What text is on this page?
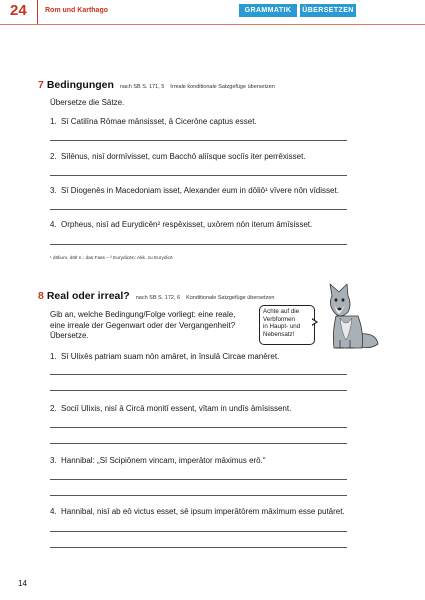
24	Rom und Karthago	GRAMMATIK	ÜBERSETZEN
7 Bedingungen nach SB S. 171, 5 Irreale konditionale Satzgefüge übersetzen
Übersetze die Sätze.
1. Sī Catilīna Rōmae mānsisset, ā Cicerōne captus esset.
2. Sīlēnus, nisī dormīvisset, cum Bacchō aliīsque sociīs iter perrēxisset.
3. Sī Diogenēs in Macedoniam isset, Alexander eum in dōliō¹ vīvere nōn vīdisset.
4. Orpheus, nisī ad Eurydicēn² respēxisset, uxōrem nōn iterum āmīsisset.
¹ dōlium, dōlī n.: das Fass – ² Eurydicēn: Akk. zu Eurydicē
8 Real oder irreal? nach SB S. 172, 6 Konditionale Satzgefüge übersetzen
Gib an, welche Bedingung/Folge vorliegt: eine reale,
eine irreale der Gegenwart oder der Vergangenheit?
Übersetze.
Achte auf die
Verbformen
in Haupt- und
Nebensatz!
1. Sī Ulixēs patriam suam nōn amāret, in īnsulā Circae manēret.
2. Sociī Ulixis, nisī ā Circā monitī essent, vītam in undīs āmīsissent.
3. Hannibal: „Sī Scipiōnem vincam, imperātor māximus erō.“
4. Hannibal, nisī ab eō victus esset, sē ipsum imperātōrem māximum esse putāret.
14
